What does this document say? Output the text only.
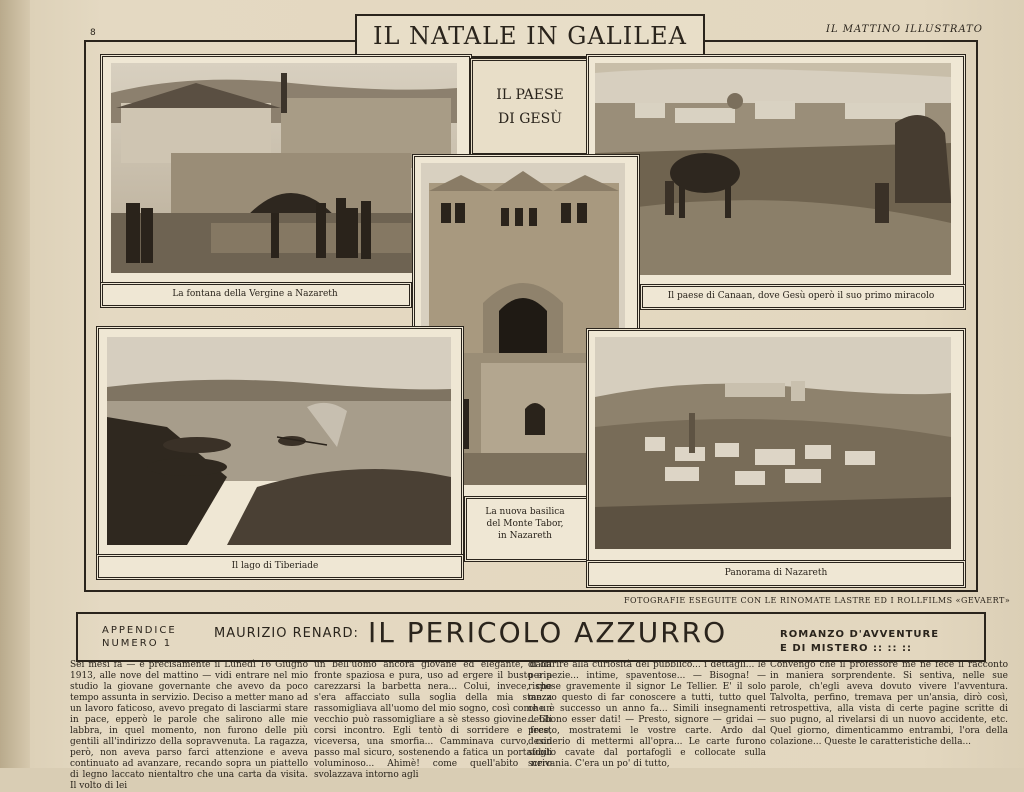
8	IL MATTINO ILLUSTRATO
IL NATALE IN GALILEA
La fontana della Vergine a Nazareth
IL PAESE
DI GESÙ
Il paese di Canaan, dove Gesù operò il suo primo miracolo
La nuova basilica
del Monte Tabor,
in Nazareth
Il lago di Tiberiade
Panorama di Nazareth
FOTOGRAFIE ESEGUITE CON LE RINOMATE LASTRE ED I ROLLFILMS «GEVAERT»
APPENDICE
NUMERO 1
MAURIZIO RENARD: IL PERICOLO AZZURRO	ROMANZO D'AVVENTURE
E DI MISTERO :: :: ::

Sei mesi fa — e precisamente il Lunedì 16 Giugno 1913, alle nove del mattino — vidi entrare nel mio studio la giovane governante che avevo da poco tempo assunta in servizio. Deciso a metter mano ad un lavoro faticoso, avevo pregato di lasciarmi stare in pace, epperò le parole che salirono alle mie labbra, in quel momento, non furono delle più gentili all'indirizzo della sopravvenuta. La ragazza, però, non aveva parso farci attenzione e aveva continuato ad avanzare, recando sopra un piattello di legno laccato nientaltro che una carta da visita. Il volto di lei

un bell'uomo ancora giovane ed elegante, dalla fronte spaziosa e pura, uso ad ergere il busto e a carezzarsi la barbetta nera... Colui, invece, che s'era affacciato sulla soglia della mia stanza rassomigliava all'uomo del mio sogno, così come un vecchio può rassomigliare a sè stesso giovine... Gli corsi incontro. Egli tentò di sorridere e fece, viceversa, una smorfia... Camminava curvo, con passo mal sicuro, sostenendo a fatica un portafogli voluminoso... Ahimè! come quell'abito nero svolazzava intorno agli

di offrire alla curiosità del pubblico... i dettagli... le peripezie... intime, spaventose... — Bisogna! — rispose gravemente il signor Le Tellier. E' il solo mezzo questo di far conoscere a tutti, tutto quel che è successo un anno fa... Simili insegnamenti debbono esser dati! — Presto, signore — gridai — presto, mostratemi le vostre carte. Ardo dal desiderio di mettermi all'opra... Le carte furono subito cavate dal portafogli e collocate sulla scrivania. C'era un po' di tutto,

Convengo che il professore me ne fece il racconto in maniera sorprendente. Si sentiva, nelle sue parole, ch'egli aveva dovuto vivere l'avventura. Talvolta, perfino, tremava per un'ansia, dirò così, retrospettiva, alla vista di certe pagine scritte di suo pugno, al rivelarsi di un nuovo accidente, etc. Quel giorno, dimenticammo entrambi, l'ora della colazione... Queste le caratteristiche della...
